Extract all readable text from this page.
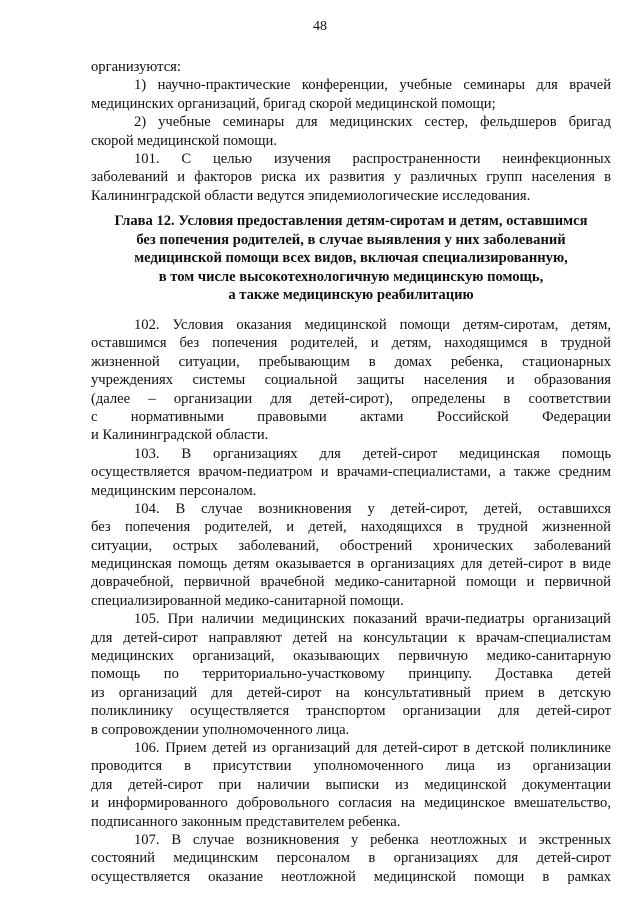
48
организуются:
1) научно-практические конференции, учебные семинары для врачей
медицинских организаций, бригад скорой медицинской помощи;
2) учебные семинары для медицинских сестер, фельдшеров бригад
скорой медицинской помощи.
101. С целью изучения распространенности неинфекционных
заболеваний и факторов риска их развития у различных групп населения в
Калининградской области ведутся эпидемиологические исследования.
Глава 12. Условия предоставления детям-сиротам и детям, оставшимся
без попечения родителей, в случае выявления у них заболеваний
медицинской помощи всех видов, включая специализированную,
в том числе высокотехнологичную медицинскую помощь,
а также медицинскую реабилитацию
102. Условия оказания медицинской помощи детям-сиротам, детям,
оставшимся без попечения родителей, и детям, находящимся в трудной
жизненной ситуации, пребывающим в домах ребенка, стационарных
учреждениях системы социальной защиты населения и образования
(далее – организации для детей-сирот), определены в соответствии
с нормативными правовыми актами Российской Федерации
и Калининградской области.
103. В организациях для детей-сирот медицинская помощь
осуществляется врачом-педиатром и врачами-специалистами, а также средним
медицинским персоналом.
104. В случае возникновения у детей-сирот, детей, оставшихся
без попечения родителей, и детей, находящихся в трудной жизненной
ситуации, острых заболеваний, обострений хронических заболеваний
медицинская помощь детям оказывается в организациях для детей-сирот в виде
доврачебной, первичной врачебной медико-санитарной помощи и первичной
специализированной медико-санитарной помощи.
105. При наличии медицинских показаний врачи-педиатры организаций
для детей-сирот направляют детей на консультации к врачам-специалистам
медицинских организаций, оказывающих первичную медико-санитарную
помощь по территориально-участковому принципу. Доставка детей
из организаций для детей-сирот на консультативный прием в детскую
поликлинику осуществляется транспортом организации для детей-сирот
в сопровождении уполномоченного лица.
106. Прием детей из организаций для детей-сирот в детской поликлинике
проводится в присутствии уполномоченного лица из организации
для детей-сирот при наличии выписки из медицинской документации
и информированного добровольного согласия на медицинское вмешательство,
подписанного законным представителем ребенка.
107. В случае возникновения у ребенка неотложных и экстренных
состояний медицинским персоналом в организациях для детей-сирот
осуществляется оказание неотложной медицинской помощи в рамках
